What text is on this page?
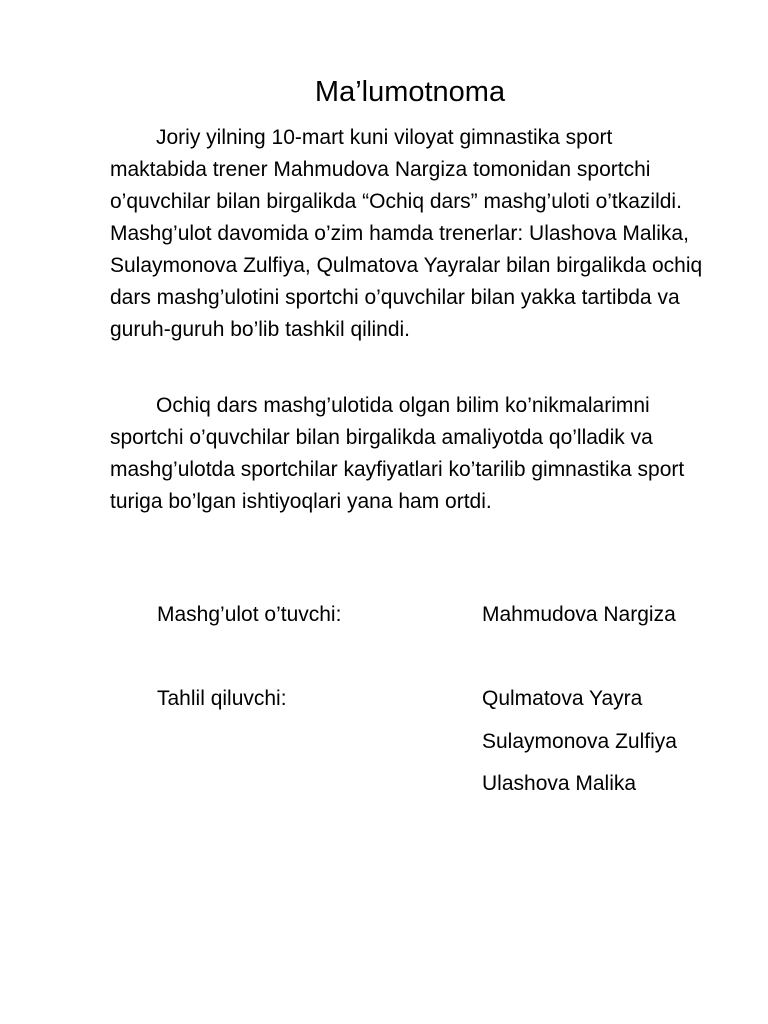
Ma’lumotnoma

Joriy yilning 10-mart kuni viloyat gimnastika sport maktabida trener Mahmudova Nargiza tomonidan sportchi o’quvchilar bilan birgalikda “Ochiq dars” mashg’uloti o’tkazildi. Mashg’ulot davomida o’zim hamda trenerlar: Ulashova Malika, Sulaymonova Zulfiya, Qulmatova Yayralar bilan birgalikda ochiq dars mashg’ulotini sportchi o’quvchilar bilan yakka tartibda va guruh-guruh bo’lib tashkil qilindi.

Ochiq dars mashg’ulotida olgan bilim ko’nikmalarimni sportchi o’quvchilar bilan birgalikda amaliyotda qo’lladik va mashg’ulotda sportchilar kayfiyatlari ko’tarilib gimnastika sport turiga bo’lgan ishtiyoqlari yana ham ortdi.

Mashg’ulot o’tuvchi:	Mahmudova Nargiza

Tahlil qiluvchi:	Qulmatova Yayra

Sulaymonova Zulfiya

Ulashova Malika
